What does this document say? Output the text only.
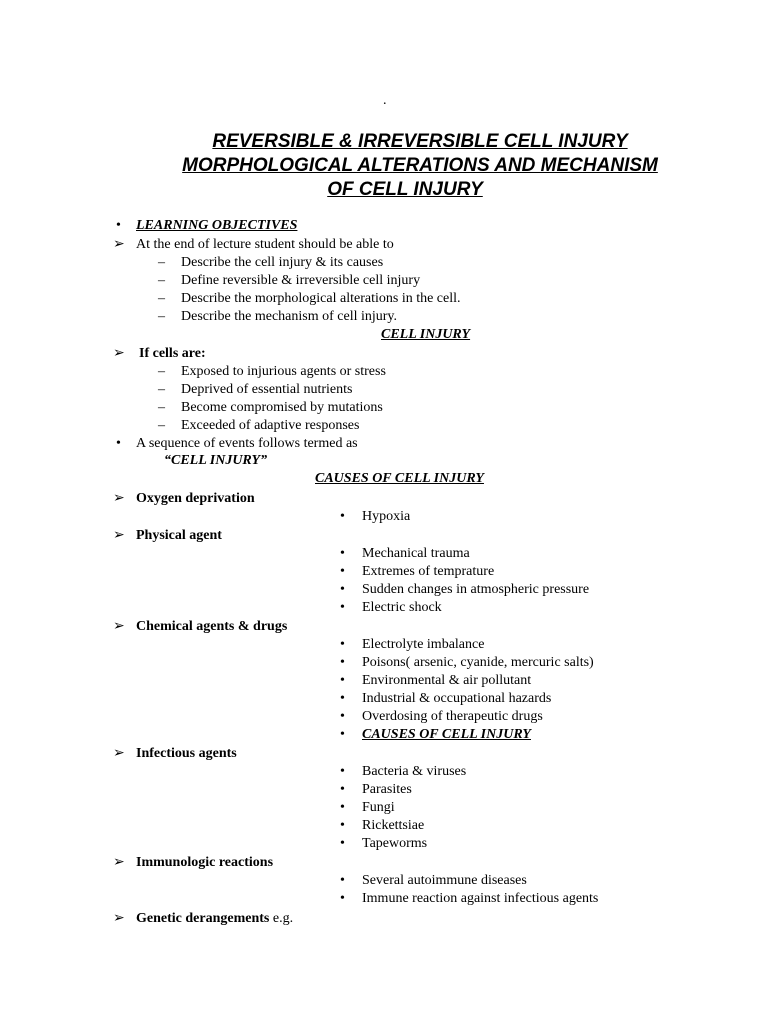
.
REVERSIBLE & IRREVERSIBLE CELL INJURY
MORPHOLOGICAL ALTERATIONS AND MECHANISM
OF CELL INJURY
• LEARNING OBJECTIVES
➢ At the end of lecture student should be able to
– Describe the cell injury & its causes
– Define reversible & irreversible cell injury
– Describe the morphological alterations in the cell.
– Describe the mechanism of cell injury.
CELL INJURY
➢ If cells are:
– Exposed to injurious agents or stress
– Deprived of essential nutrients
– Become compromised by mutations
– Exceeded of adaptive responses
• A sequence of events follows termed as
“CELL INJURY”
CAUSES OF CELL INJURY
➢ Oxygen deprivation
• Hypoxia
➢ Physical agent
• Mechanical trauma
• Extremes of temprature
• Sudden changes in atmospheric pressure
• Electric shock
➢ Chemical agents & drugs
• Electrolyte imbalance
• Poisons( arsenic, cyanide, mercuric salts)
• Environmental & air pollutant
• Industrial & occupational hazards
• Overdosing of therapeutic drugs
• CAUSES OF CELL INJURY
➢ Infectious agents
• Bacteria & viruses
• Parasites
• Fungi
• Rickettsiae
• Tapeworms
➢ Immunologic reactions
• Several autoimmune diseases
• Immune reaction against infectious agents
➢ Genetic derangements e.g.
